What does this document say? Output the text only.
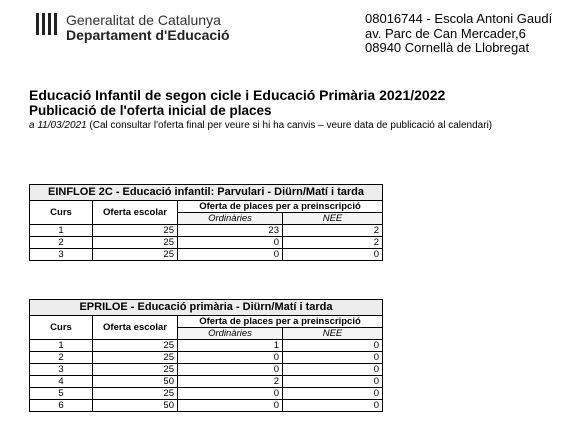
Generalitat de Catalunya
Departament d'Educació
08016744 - Escola Antoni Gaudí
av. Parc de Can Mercader,6
08940 Cornellà de Llobregat
Educació Infantil de segon cicle i Educació Primària 2021/2022
Publicació de l'oferta inicial de places
a 11/03/2021 (Cal consultar l'oferta final per veure si hi ha canvis – veure data de publicació al calendari)
EINFLOE 2C - Educació infantil: Parvulari - Diürn/Matí i tarda			
Curs	Oferta escolar	Oferta de places per a preinscripció	
		Ordinàries	NEE
1	25	23	2
2	25	0	2
3	25	0	0
EPRILOE - Educació primària - Diürn/Matí i tarda			
Curs	Oferta escolar	Oferta de places per a preinscripció	
		Ordinàries	NEE
1	25	1	0
2	25	0	0
3	25	0	0
4	50	2	0
5	25	0	0
6	50	0	0
